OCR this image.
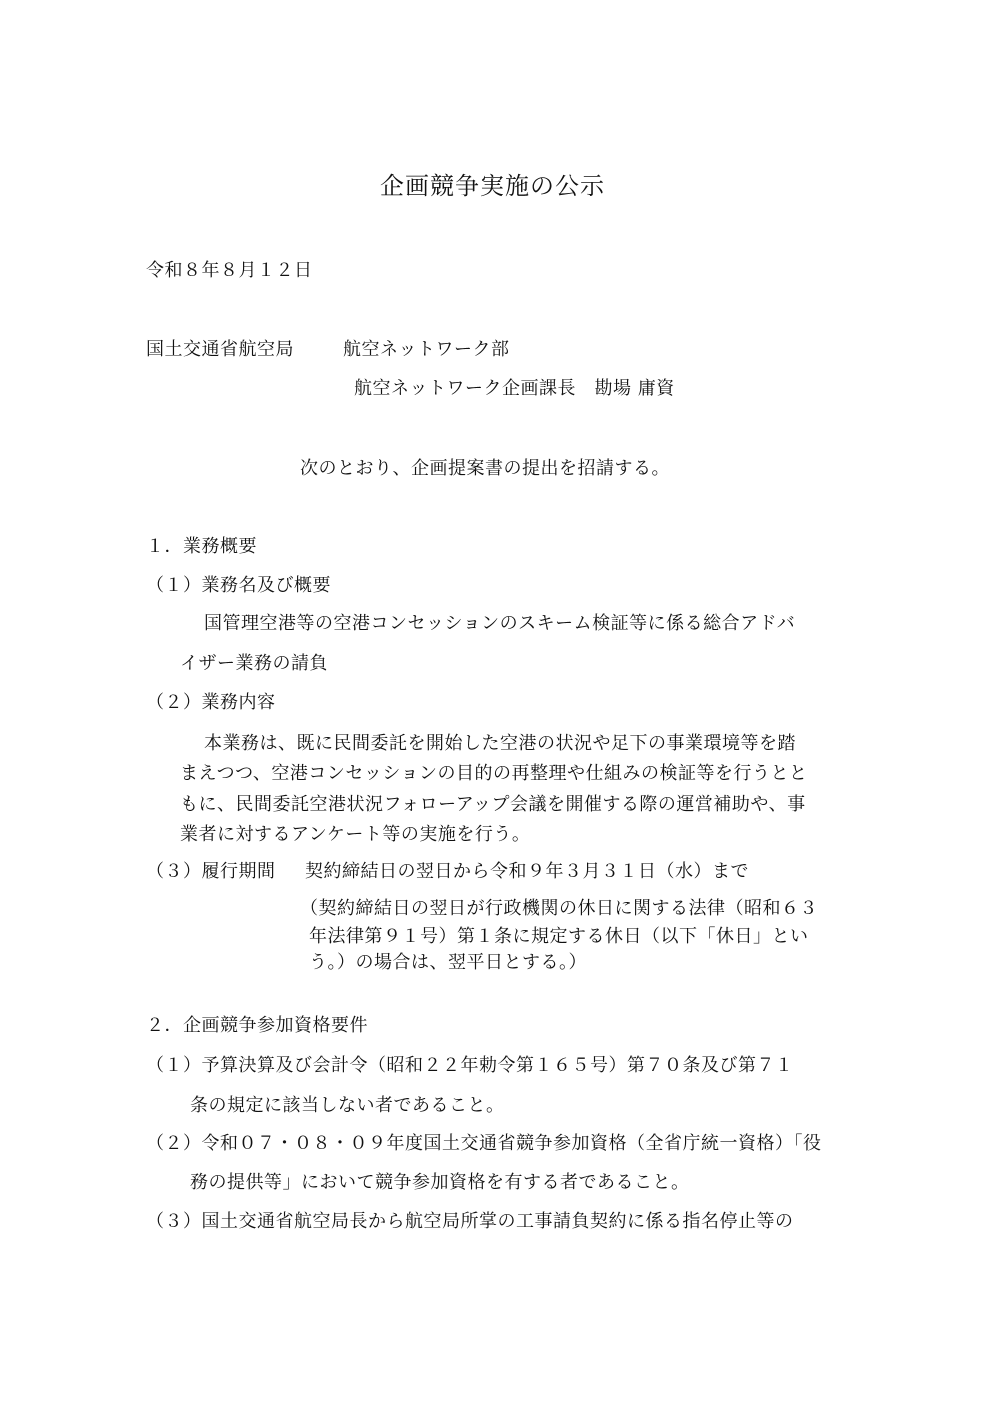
企画競争実施の公示
令和８年８月１２日
国土交通省航空局	航空ネットワーク部
航空ネットワーク企画課長　勘場 庸資
次のとおり、企画提案書の提出を招請する。
１．業務概要
（１）業務名及び概要
国管理空港等の空港コンセッションのスキーム検証等に係る総合アドバ
イザー業務の請負
（２）業務内容
本業務は、既に民間委託を開始した空港の状況や足下の事業環境等を踏
まえつつ、空港コンセッションの目的の再整理や仕組みの検証等を行うとと
もに、民間委託空港状況フォローアップ会議を開催する際の運営補助や、事
業者に対するアンケート等の実施を行う。
（３）履行期間 契約締結日の翌日から令和９年３月３１日（水）まで
（契約締結日の翌日が行政機関の休日に関する法律（昭和６３
年法律第９１号）第１条に規定する休日（以下「休日」とい
う。）の場合は、翌平日とする。）
２．企画競争参加資格要件
（１）予算決算及び会計令（昭和２２年勅令第１６５号）第７０条及び第７１
条の規定に該当しない者であること。
（２）令和０７・０８・０９年度国土交通省競争参加資格（全省庁統一資格）「役
務の提供等」において競争参加資格を有する者であること。
（３）国土交通省航空局長から航空局所掌の工事請負契約に係る指名停止等の
